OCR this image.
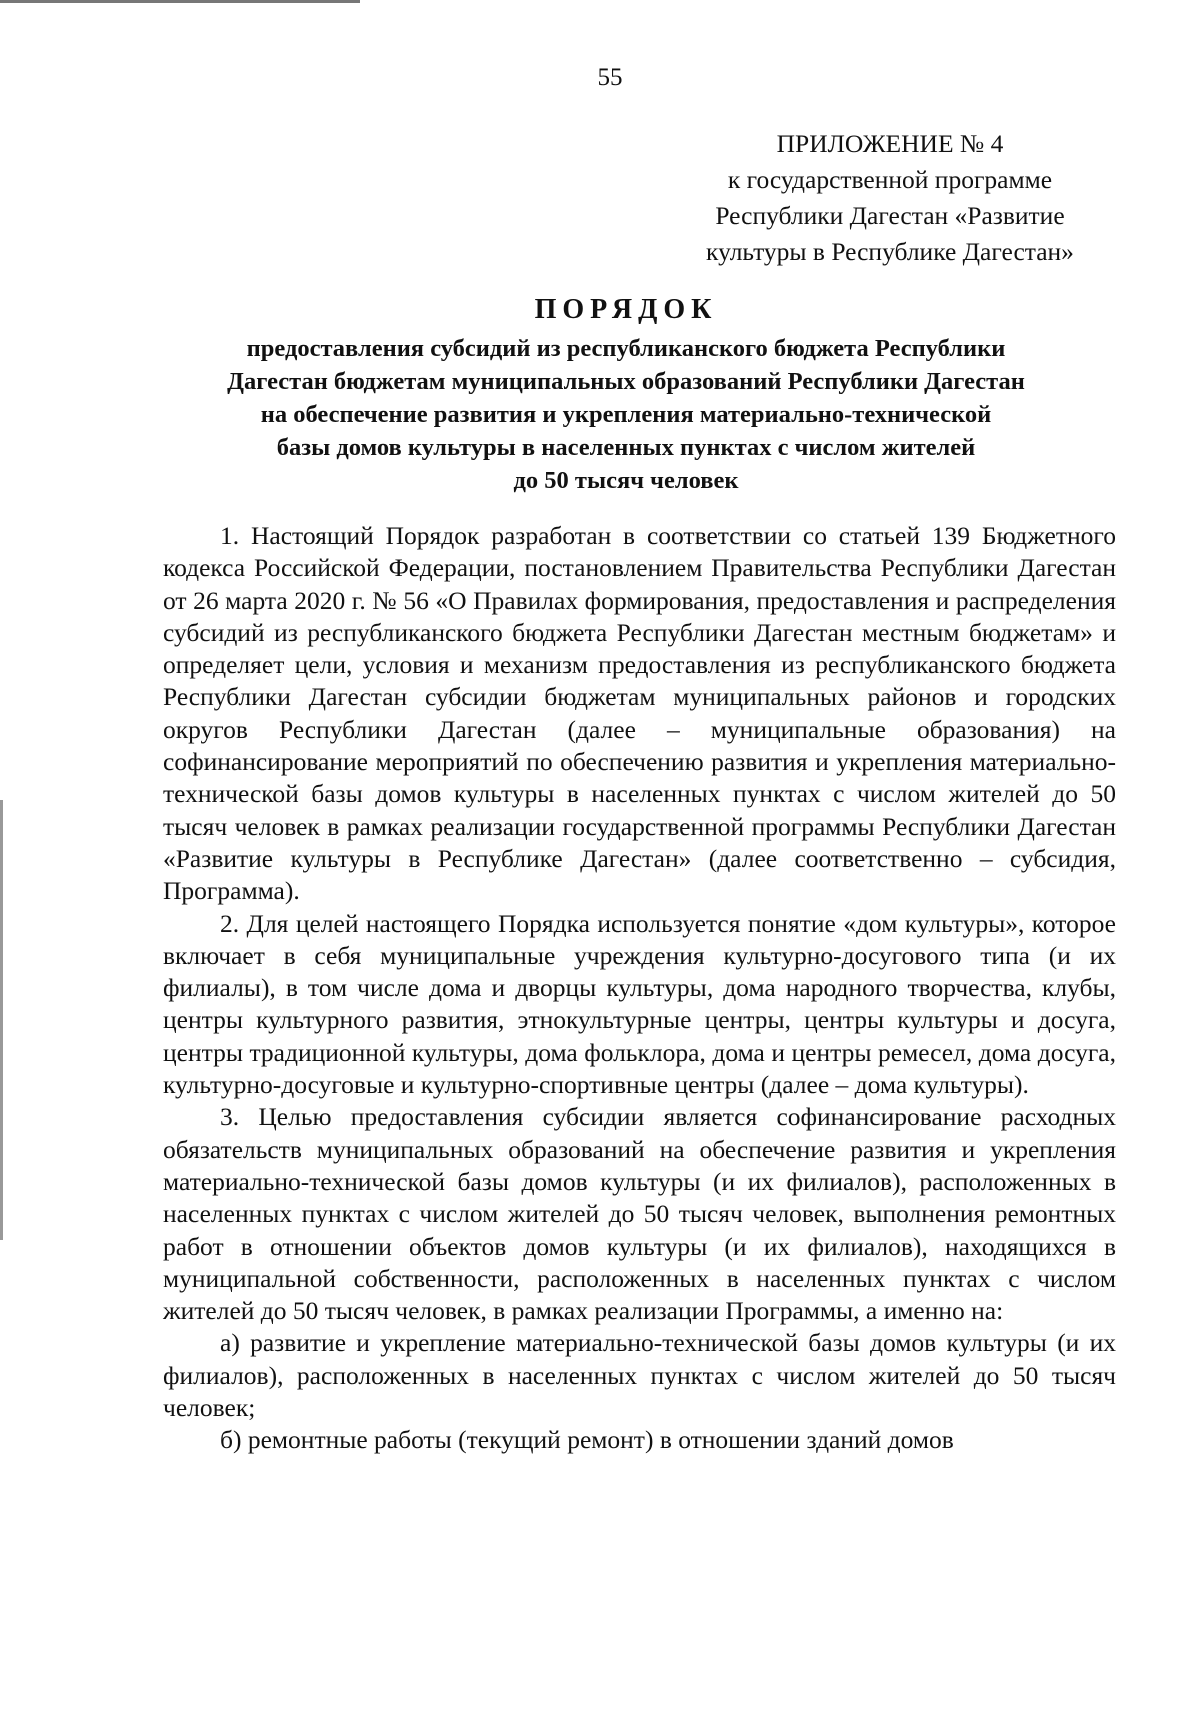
55
ПРИЛОЖЕНИЕ № 4
к государственной программе
Республики Дагестан «Развитие
культуры в Республике Дагестан»
ПОРЯДОК
предоставления субсидий из республиканского бюджета Республики
Дагестан бюджетам муниципальных образований Республики Дагестан
на обеспечение развития и укрепления материально-технической
базы домов культуры в населенных пунктах с числом жителей
до 50 тысяч человек

1. Настоящий Порядок разработан в соответствии со статьей 139 Бюджетного кодекса Российской Федерации, постановлением Правительства Республики Дагестан от 26 марта 2020 г. № 56 «О Правилах формирования, предоставления и распределения субсидий из республиканского бюджета Республики Дагестан местным бюджетам» и определяет цели, условия и механизм предоставления из республиканского бюджета Республики Дагестан субсидии бюджетам муниципальных районов и городских округов Республики Дагестан (далее – муниципальные образования) на софинансирование мероприятий по обеспечению развития и укрепления материально-технической базы домов культуры в населенных пунктах с числом жителей до 50 тысяч человек в рамках реализации государственной программы Республики Дагестан «Развитие культуры в Республике Дагестан» (далее соответственно – субсидия, Программа).

2. Для целей настоящего Порядка используется понятие «дом культуры», которое включает в себя муниципальные учреждения культурно-досугового типа (и их филиалы), в том числе дома и дворцы культуры, дома народного творчества, клубы, центры культурного развития, этнокультурные центры, центры культуры и досуга, центры традиционной культуры, дома фольклора, дома и центры ремесел, дома досуга, культурно-досуговые и культурно-спортивные центры (далее – дома культуры).

3. Целью предоставления субсидии является софинансирование расходных обязательств муниципальных образований на обеспечение развития и укрепления материально-технической базы домов культуры (и их филиалов), расположенных в населенных пунктах с числом жителей до 50 тысяч человек, выполнения ремонтных работ в отношении объектов домов культуры (и их филиалов), находящихся в муниципальной собственности, расположенных в населенных пунктах с числом жителей до 50 тысяч человек, в рамках реализации Программы, а именно на:

а) развитие и укрепление материально-технической базы домов культуры (и их филиалов), расположенных в населенных пунктах с числом жителей до 50 тысяч человек;

б) ремонтные работы (текущий ремонт) в отношении зданий домов
